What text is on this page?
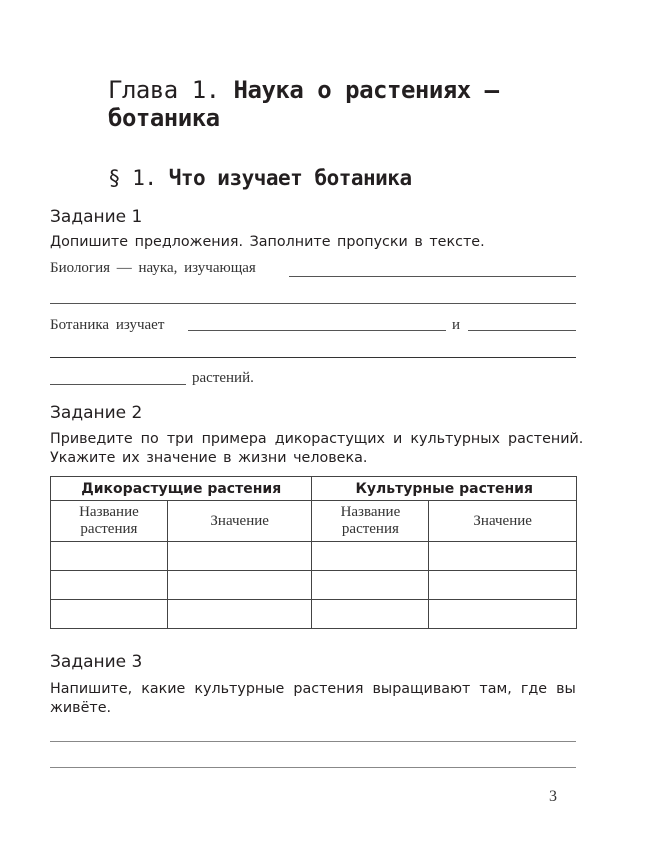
Глава 1. Наука о растениях —
ботаника
§ 1. Что изучает ботаника
Задание 1
Допишите предложения. Заполните пропуски в тексте.
Биология — наука, изучающая
Ботаника изучает	и
растений.
Задание 2
Приведите по три примера дикорастущих и культурных растений.
Укажите их значение в жизни человека.
Дикорастущие растения		Культурные растения	
Название растения	Значение	Название растения	Значение

Задание 3
Напишите, какие культурные растения выращивают там, где вы
живёте.
3
